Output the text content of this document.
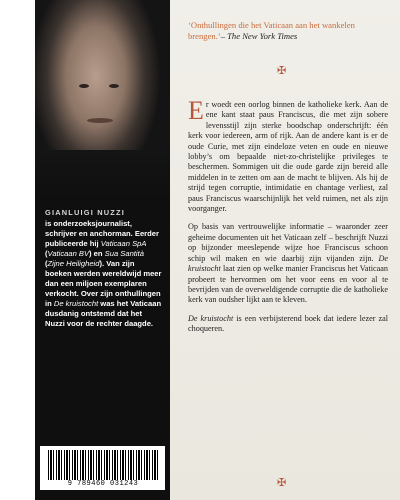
GIANLUIGI NUZZI
is onderzoeksjournalist, schrijver en anchorman. Eerder publiceerde hij Vaticaan SpA (Vaticaan BV) en Sua Santità (Zijne Heiligheid). Van zijn boeken werden wereldwijd meer dan een miljoen exemplaren verkocht. Over zijn onthullingen in De kruistocht was het Vaticaan dusdanig ontstemd dat het Nuzzi voor de rechter daagde.
9 789460 031243
‘Onthullingen die het Vaticaan aan het wankelen brengen.’– The New York Times
✠

Er woedt een oorlog binnen de katholieke kerk. Aan de ene kant staat paus Franciscus, die met zijn sobere levensstijl zijn sterke boodschap onderschrijft: één kerk voor iedereen, arm of rijk. Aan de andere kant is er de oude Curie, met zijn eindeloze veten en oude en nieuwe lobby’s om bepaalde niet-zo-christelijke privileges te beschermen. Sommigen uit die oude garde zijn bereid alle middelen in te zetten om aan de macht te blijven. Als hij de strijd tegen corruptie, intimidatie en chantage verliest, zal paus Franciscus waarschijnlijk het veld ruimen, net als zijn voorganger.

Op basis van vertrouwelijke informatie – waaronder zeer geheime documenten uit het Vaticaan zelf – beschrijft Nuzzi op bijzonder meeslepende wijze hoe Franciscus schoon schip wil maken en wie daarbij zijn vijanden zijn. De kruistocht laat zien op welke manier Franciscus het Vaticaan probeert te hervormen om het voor eens en voor al te bevrijden van de overweldigende corruptie die de katholieke kerk van oudsher lijkt aan te kleven.

De kruistocht is een verbijsterend boek dat iedere lezer zal choqueren.

✠
